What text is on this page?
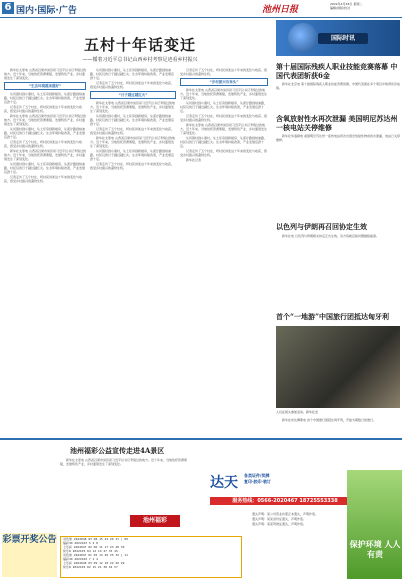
6 国内·国际·广告	池州日报
2022年4月28日 星期二
编辑/排版/校对
五村十年话变迁
——循着习近平总书记山西乡村考察足迹看乡村振兴

新华社太原电 山西省吕梁市岚县是习近平总书记考察过的地方。近十年来，当地依托资源禀赋，发展特色产业，乡村面貌发生了深刻变化。

“生态环境越来越好”

从贫困村到小康村，从土坯房到新楼房，从泥泞路到柏油路，村民们的日子越过越红火。生态环境持续改善，产业发展后劲十足。

记者走访了五个村庄，听村民讲述这十年来的变化与收获，感受乡村振兴的蓬勃生机。

新华社太原电 山西省吕梁市岚县是习近平总书记考察过的地方。近十年来，当地依托资源禀赋，发展特色产业，乡村面貌发生了深刻变化。

从贫困村到小康村，从土坯房到新楼房，从泥泞路到柏油路，村民们的日子越过越红火。生态环境持续改善，产业发展后劲十足。

记者走访了五个村庄，听村民讲述这十年来的变化与收获，感受乡村振兴的蓬勃生机。

新华社太原电 山西省吕梁市岚县是习近平总书记考察过的地方。近十年来，当地依托资源禀赋，发展特色产业，乡村面貌发生了深刻变化。

从贫困村到小康村，从土坯房到新楼房，从泥泞路到柏油路，村民们的日子越过越红火。生态环境持续改善，产业发展后劲十足。

记者走访了五个村庄，听村民讲述这十年来的变化与收获，感受乡村振兴的蓬勃生机。

从贫困村到小康村，从土坯房到新楼房，从泥泞路到柏油路，村民们的日子越过越红火。生态环境持续改善，产业发展后劲十足。

记者走访了五个村庄，听村民讲述这十年来的变化与收获，感受乡村振兴的蓬勃生机。

“日子越过越红火”

新华社太原电 山西省吕梁市岚县是习近平总书记考察过的地方。近十年来，当地依托资源禀赋，发展特色产业，乡村面貌发生了深刻变化。

从贫困村到小康村，从土坯房到新楼房，从泥泞路到柏油路，村民们的日子越过越红火。生态环境持续改善，产业发展后劲十足。

记者走访了五个村庄，听村民讲述这十年来的变化与收获，感受乡村振兴的蓬勃生机。

新华社太原电 山西省吕梁市岚县是习近平总书记考察过的地方。近十年来，当地依托资源禀赋，发展特色产业，乡村面貌发生了深刻变化。

从贫困村到小康村，从土坯房到新楼房，从泥泞路到柏油路，村民们的日子越过越红火。生态环境持续改善，产业发展后劲十足。

记者走访了五个村庄，听村民讲述这十年来的变化与收获，感受乡村振兴的蓬勃生机。

记者走访了五个村庄，听村民讲述这十年来的变化与收获，感受乡村振兴的蓬勃生机。

“乡村振兴有奔头”

新华社太原电 山西省吕梁市岚县是习近平总书记考察过的地方。近十年来，当地依托资源禀赋，发展特色产业，乡村面貌发生了深刻变化。

从贫困村到小康村，从土坯房到新楼房，从泥泞路到柏油路，村民们的日子越过越红火。生态环境持续改善，产业发展后劲十足。

记者走访了五个村庄，听村民讲述这十年来的变化与收获，感受乡村振兴的蓬勃生机。

新华社太原电 山西省吕梁市岚县是习近平总书记考察过的地方。近十年来，当地依托资源禀赋，发展特色产业，乡村面貌发生了深刻变化。

从贫困村到小康村，从土坯房到新楼房，从泥泞路到柏油路，村民们的日子越过越红火。生态环境持续改善，产业发展后劲十足。

记者走访了五个村庄，听村民讲述这十年来的变化与收获，感受乡村振兴的蓬勃生机。

新华社记者

国际时讯
第十届国际残疾人职业技能竞赛落幕 中国代表团斩获6金

新华社北京电 第十届国际残疾人职业技能竞赛闭幕，中国代表团在多个项目中取得优异成绩。

含氧放射性水再次泄漏 美国明尼苏达州一核电站关停维修

新华社华盛顿电 美国明尼苏达州一座核电站再次出现含放射性物质的水泄漏，电站已关停维修。

以色列与伊朗再召回协定生效

新华社电 以色列与伊朗相关协定正式生效，双方将就后续问题继续磋商。

首个“一地游”中国旅行团抵达匈牙利
人们在街头参加活动。新华社发

新华社布达佩斯电 首个中国旅行团抵达匈牙利，开始为期数日的旅行。

池州福彩公益宣传走进4A景区

新华社太原电 山西省吕梁市岚县是习近平总书记考察过的地方。近十年来，当地依托资源禀赋，发展特色产业，乡村面貌发生了深刻变化。

池州福彩
彩票开奖公告	双色球 2022048 03 08 15 22 26 31 | 09
福彩3D 2022103 5 2 8
七乐彩 2022047 02 06 11 17 23 28 30
快乐8 2022103 04 12 19 27 33 45
双色球 2022047 01 05 14 20 25 32 | 11
福彩3D 2022102 7 1 4
七乐彩 2022046 03 09 12 18 22 26 29
快乐8 2022102 02 15 21 38 44 57
达天 各类证件/奖牌
复印·胶印·装订
服务热线：0566-2020467 18725553338

遗失声明：某公司营业执照正本遗失，声明作废。

遗失声明：某某身份证遗失，声明作废。

遗失声明：某某驾驶证遗失，声明作废。

保护环境 人人有责
